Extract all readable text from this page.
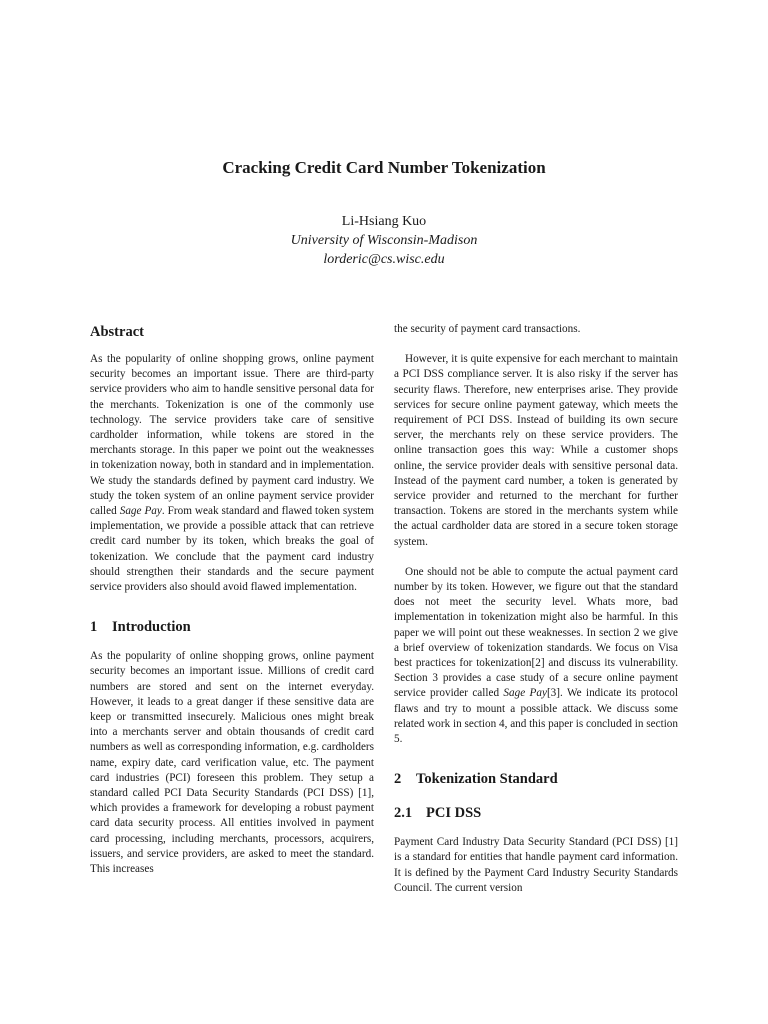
Cracking Credit Card Number Tokenization
Li-Hsiang Kuo
University of Wisconsin-Madison
lorderic@cs.wisc.edu
Abstract

As the popularity of online shopping grows, online payment security becomes an important issue. There are third-party service providers who aim to handle sensitive personal data for the merchants. Tokenization is one of the commonly use technology. The service providers take care of sensitive cardholder information, while tokens are stored in the merchants storage. In this paper we point out the weaknesses in tokenization noway, both in standard and in implementation. We study the standards defined by payment card industry. We study the token system of an online payment service provider called Sage Pay. From weak standard and flawed token system implementation, we provide a possible attack that can retrieve credit card number by its token, which breaks the goal of tokenization. We conclude that the payment card industry should strengthen their standards and the secure payment service providers also should avoid flawed implementation.

1 Introduction

As the popularity of online shopping grows, online payment security becomes an important issue. Millions of credit card numbers are stored and sent on the internet everyday. However, it leads to a great danger if these sensitive data are keep or transmitted insecurely. Malicious ones might break into a merchants server and obtain thousands of credit card numbers as well as corresponding information, e.g. cardholders name, expiry date, card verification value, etc. The payment card industries (PCI) foreseen this problem. They setup a standard called PCI Data Security Standards (PCI DSS) [1], which provides a framework for developing a robust payment card data security process. All entities involved in payment card processing, including merchants, processors, acquirers, issuers, and service providers, are asked to meet the standard. This increases

the security of payment card transactions.

However, it is quite expensive for each merchant to maintain a PCI DSS compliance server. It is also risky if the server has security flaws. Therefore, new enterprises arise. They provide services for secure online payment gateway, which meets the requirement of PCI DSS. Instead of building its own secure server, the merchants rely on these service providers. The online transaction goes this way: While a customer shops online, the service provider deals with sensitive personal data. Instead of the payment card number, a token is generated by service provider and returned to the merchant for further transaction. Tokens are stored in the merchants system while the actual cardholder data are stored in a secure token storage system.

One should not be able to compute the actual payment card number by its token. However, we figure out that the standard does not meet the security level. Whats more, bad implementation in tokenization might also be harmful. In this paper we will point out these weaknesses. In section 2 we give a brief overview of tokenization standards. We focus on Visa best practices for tokenization[2] and discuss its vulnerability. Section 3 provides a case study of a secure online payment service provider called Sage Pay[3]. We indicate its protocol flaws and try to mount a possible attack. We discuss some related work in section 4, and this paper is concluded in section 5.

2 Tokenization Standard
2.1 PCI DSS

Payment Card Industry Data Security Standard (PCI DSS) [1] is a standard for entities that handle payment card information. It is defined by the Payment Card Industry Security Standards Council. The current version
